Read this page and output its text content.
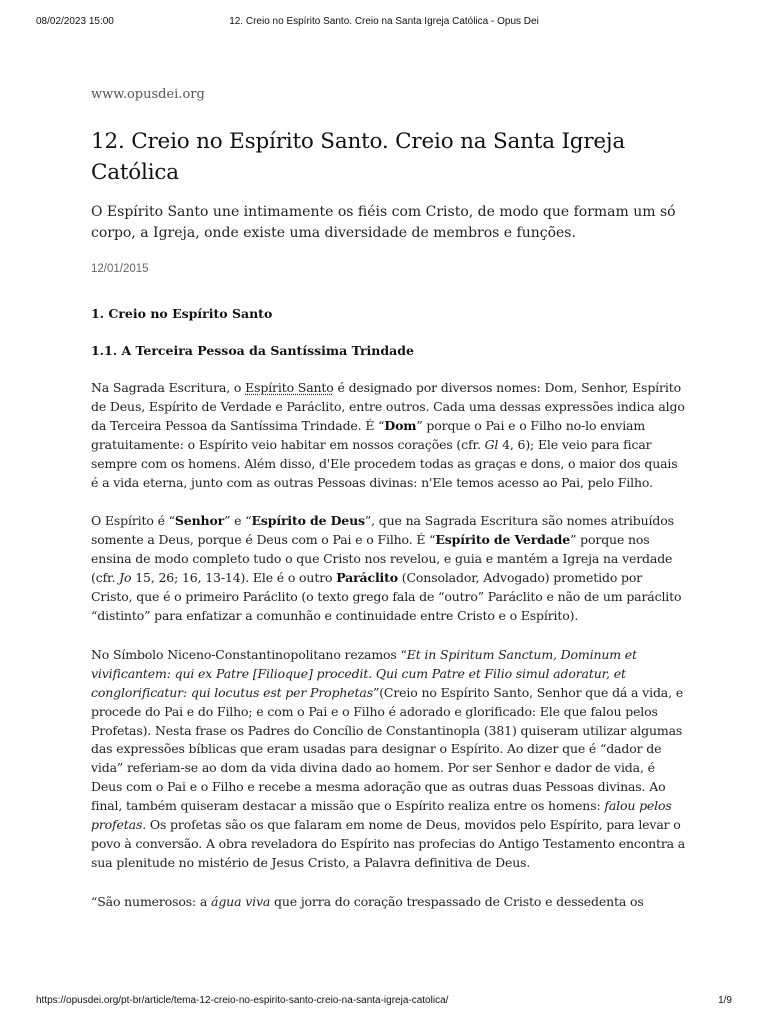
08/02/2023 15:00	12. Creio no Espírito Santo. Creio na Santa Igreja Católica - Opus Dei
www.opusdei.org
12. Creio no Espírito Santo. Creio na Santa Igreja Católica

O Espírito Santo une intimamente os fiéis com Cristo, de modo que formam um só corpo, a Igreja, onde existe uma diversidade de membros e funções.

12/01/2015
1. Creio no Espírito Santo
1.1. A Terceira Pessoa da Santíssima Trindade

Na Sagrada Escritura, o Espírito Santo é designado por diversos nomes: Dom, Senhor, Espírito de Deus, Espírito de Verdade e Paráclito, entre outros. Cada uma dessas expressões indica algo da Terceira Pessoa da Santíssima Trindade. É “Dom” porque o Pai e o Filho no-lo enviam gratuitamente: o Espírito veio habitar em nossos corações (cfr. Gl 4, 6); Ele veio para ficar sempre com os homens. Além disso, d'Ele procedem todas as graças e dons, o maior dos quais é a vida eterna, junto com as outras Pessoas divinas: n'Ele temos acesso ao Pai, pelo Filho.

O Espírito é “Senhor” e “Espírito de Deus”, que na Sagrada Escritura são nomes atribuídos somente a Deus, porque é Deus com o Pai e o Filho. É “Espírito de Verdade” porque nos ensina de modo completo tudo o que Cristo nos revelou, e guia e mantém a Igreja na verdade (cfr. Jo 15, 26; 16, 13-14). Ele é o outro Paráclito (Consolador, Advogado) prometido por Cristo, que é o primeiro Paráclito (o texto grego fala de “outro” Paráclito e não de um paráclito “distinto” para enfatizar a comunhão e continuidade entre Cristo e o Espírito).

No Símbolo Niceno-Constantinopolitano rezamos “Et in Spiritum Sanctum, Dominum et vivificantem: qui ex Patre [Filioque] procedit. Qui cum Patre et Filio simul adoratur, et conglorificatur: qui locutus est per Prophetas”(Creio no Espírito Santo, Senhor que dá a vida, e procede do Pai e do Filho; e com o Pai e o Filho é adorado e glorificado: Ele que falou pelos Profetas). Nesta frase os Padres do Concílio de Constantinopla (381) quiseram utilizar algumas das expressões bíblicas que eram usadas para designar o Espírito. Ao dizer que é “dador de vida” referiam-se ao dom da vida divina dado ao homem. Por ser Senhor e dador de vida, é Deus com o Pai e o Filho e recebe a mesma adoração que as outras duas Pessoas divinas. Ao final, também quiseram destacar a missão que o Espírito realiza entre os homens: falou pelos profetas. Os profetas são os que falaram em nome de Deus, movidos pelo Espírito, para levar o povo à conversão. A obra reveladora do Espírito nas profecias do Antigo Testamento encontra a sua plenitude no mistério de Jesus Cristo, a Palavra definitiva de Deus.

“São numerosos: a água viva que jorra do coração trespassado de Cristo e dessedenta os

https://opusdei.org/pt-br/article/tema-12-creio-no-espirito-santo-creio-na-santa-igreja-catolica/	1/9
